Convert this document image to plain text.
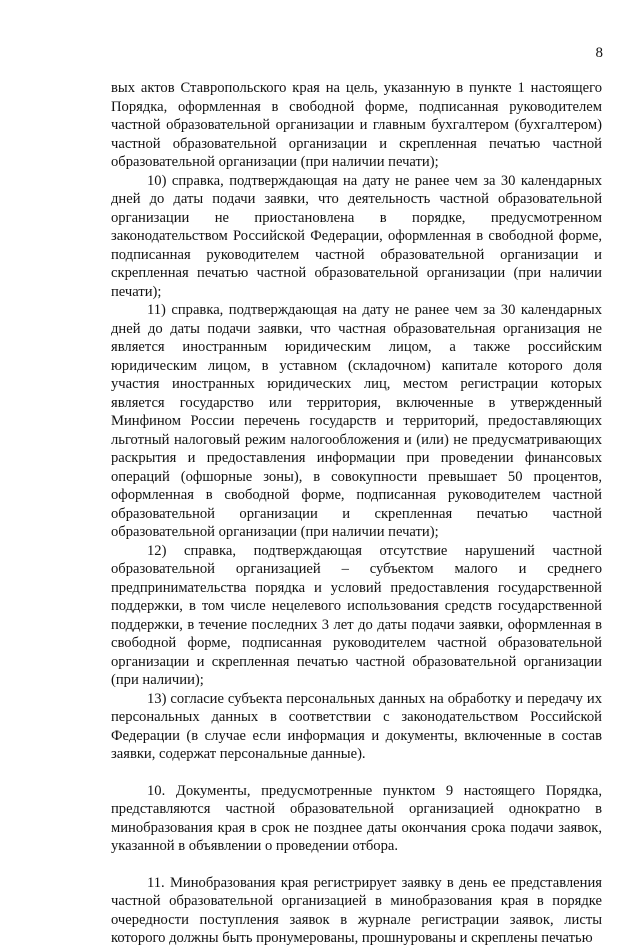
8

вых актов Ставропольского края на цель, указанную в пункте 1 настоящего Порядка, оформленная в свободной форме, подписанная руководителем частной образовательной организации и главным бухгалтером (бухгалтером) частной образовательной организации и скрепленная печатью частной образовательной организации (при наличии печати);

10) справка, подтверждающая на дату не ранее чем за 30 календарных дней до даты подачи заявки, что деятельность частной образовательной организации не приостановлена в порядке, предусмотренном законодательством Российской Федерации, оформленная в свободной форме, подписанная руководителем частной образовательной организации и скрепленная печатью частной образовательной организации (при наличии печати);

11) справка, подтверждающая на дату не ранее чем за 30 календарных дней до даты подачи заявки, что частная образовательная организация не является иностранным юридическим лицом, а также российским юридическим лицом, в уставном (складочном) капитале которого доля участия иностранных юридических лиц, местом регистрации которых является государство или территория, включенные в утвержденный Минфином России перечень государств и территорий, предоставляющих льготный налоговый режим налогообложения и (или) не предусматривающих раскрытия и предоставления информации при проведении финансовых операций (офшорные зоны), в совокупности превышает 50 процентов, оформленная в свободной форме, подписанная руководителем частной образовательной организации и скрепленная печатью частной образовательной организации (при наличии печати);

12) справка, подтверждающая отсутствие нарушений частной образовательной организацией – субъектом малого и среднего предпринимательства порядка и условий предоставления государственной поддержки, в том числе нецелевого использования средств государственной поддержки, в течение последних 3 лет до даты подачи заявки, оформленная в свободной форме, подписанная руководителем частной образовательной организации и скрепленная печатью частной образовательной организации (при наличии);

13) согласие субъекта персональных данных на обработку и передачу их персональных данных в соответствии с законодательством Российской Федерации (в случае если информация и документы, включенные в состав заявки, содержат персональные данные).

10. Документы, предусмотренные пунктом 9 настоящего Порядка, представляются частной образовательной организацией однократно в минобразования края в срок не позднее даты окончания срока подачи заявок, указанной в объявлении о проведении отбора.

11. Минобразования края регистрирует заявку в день ее представления частной образовательной организацией в минобразования края в порядке очередности поступления заявок в журнале регистрации заявок, листы которого должны быть пронумерованы, прошнурованы и скреплены печатью
